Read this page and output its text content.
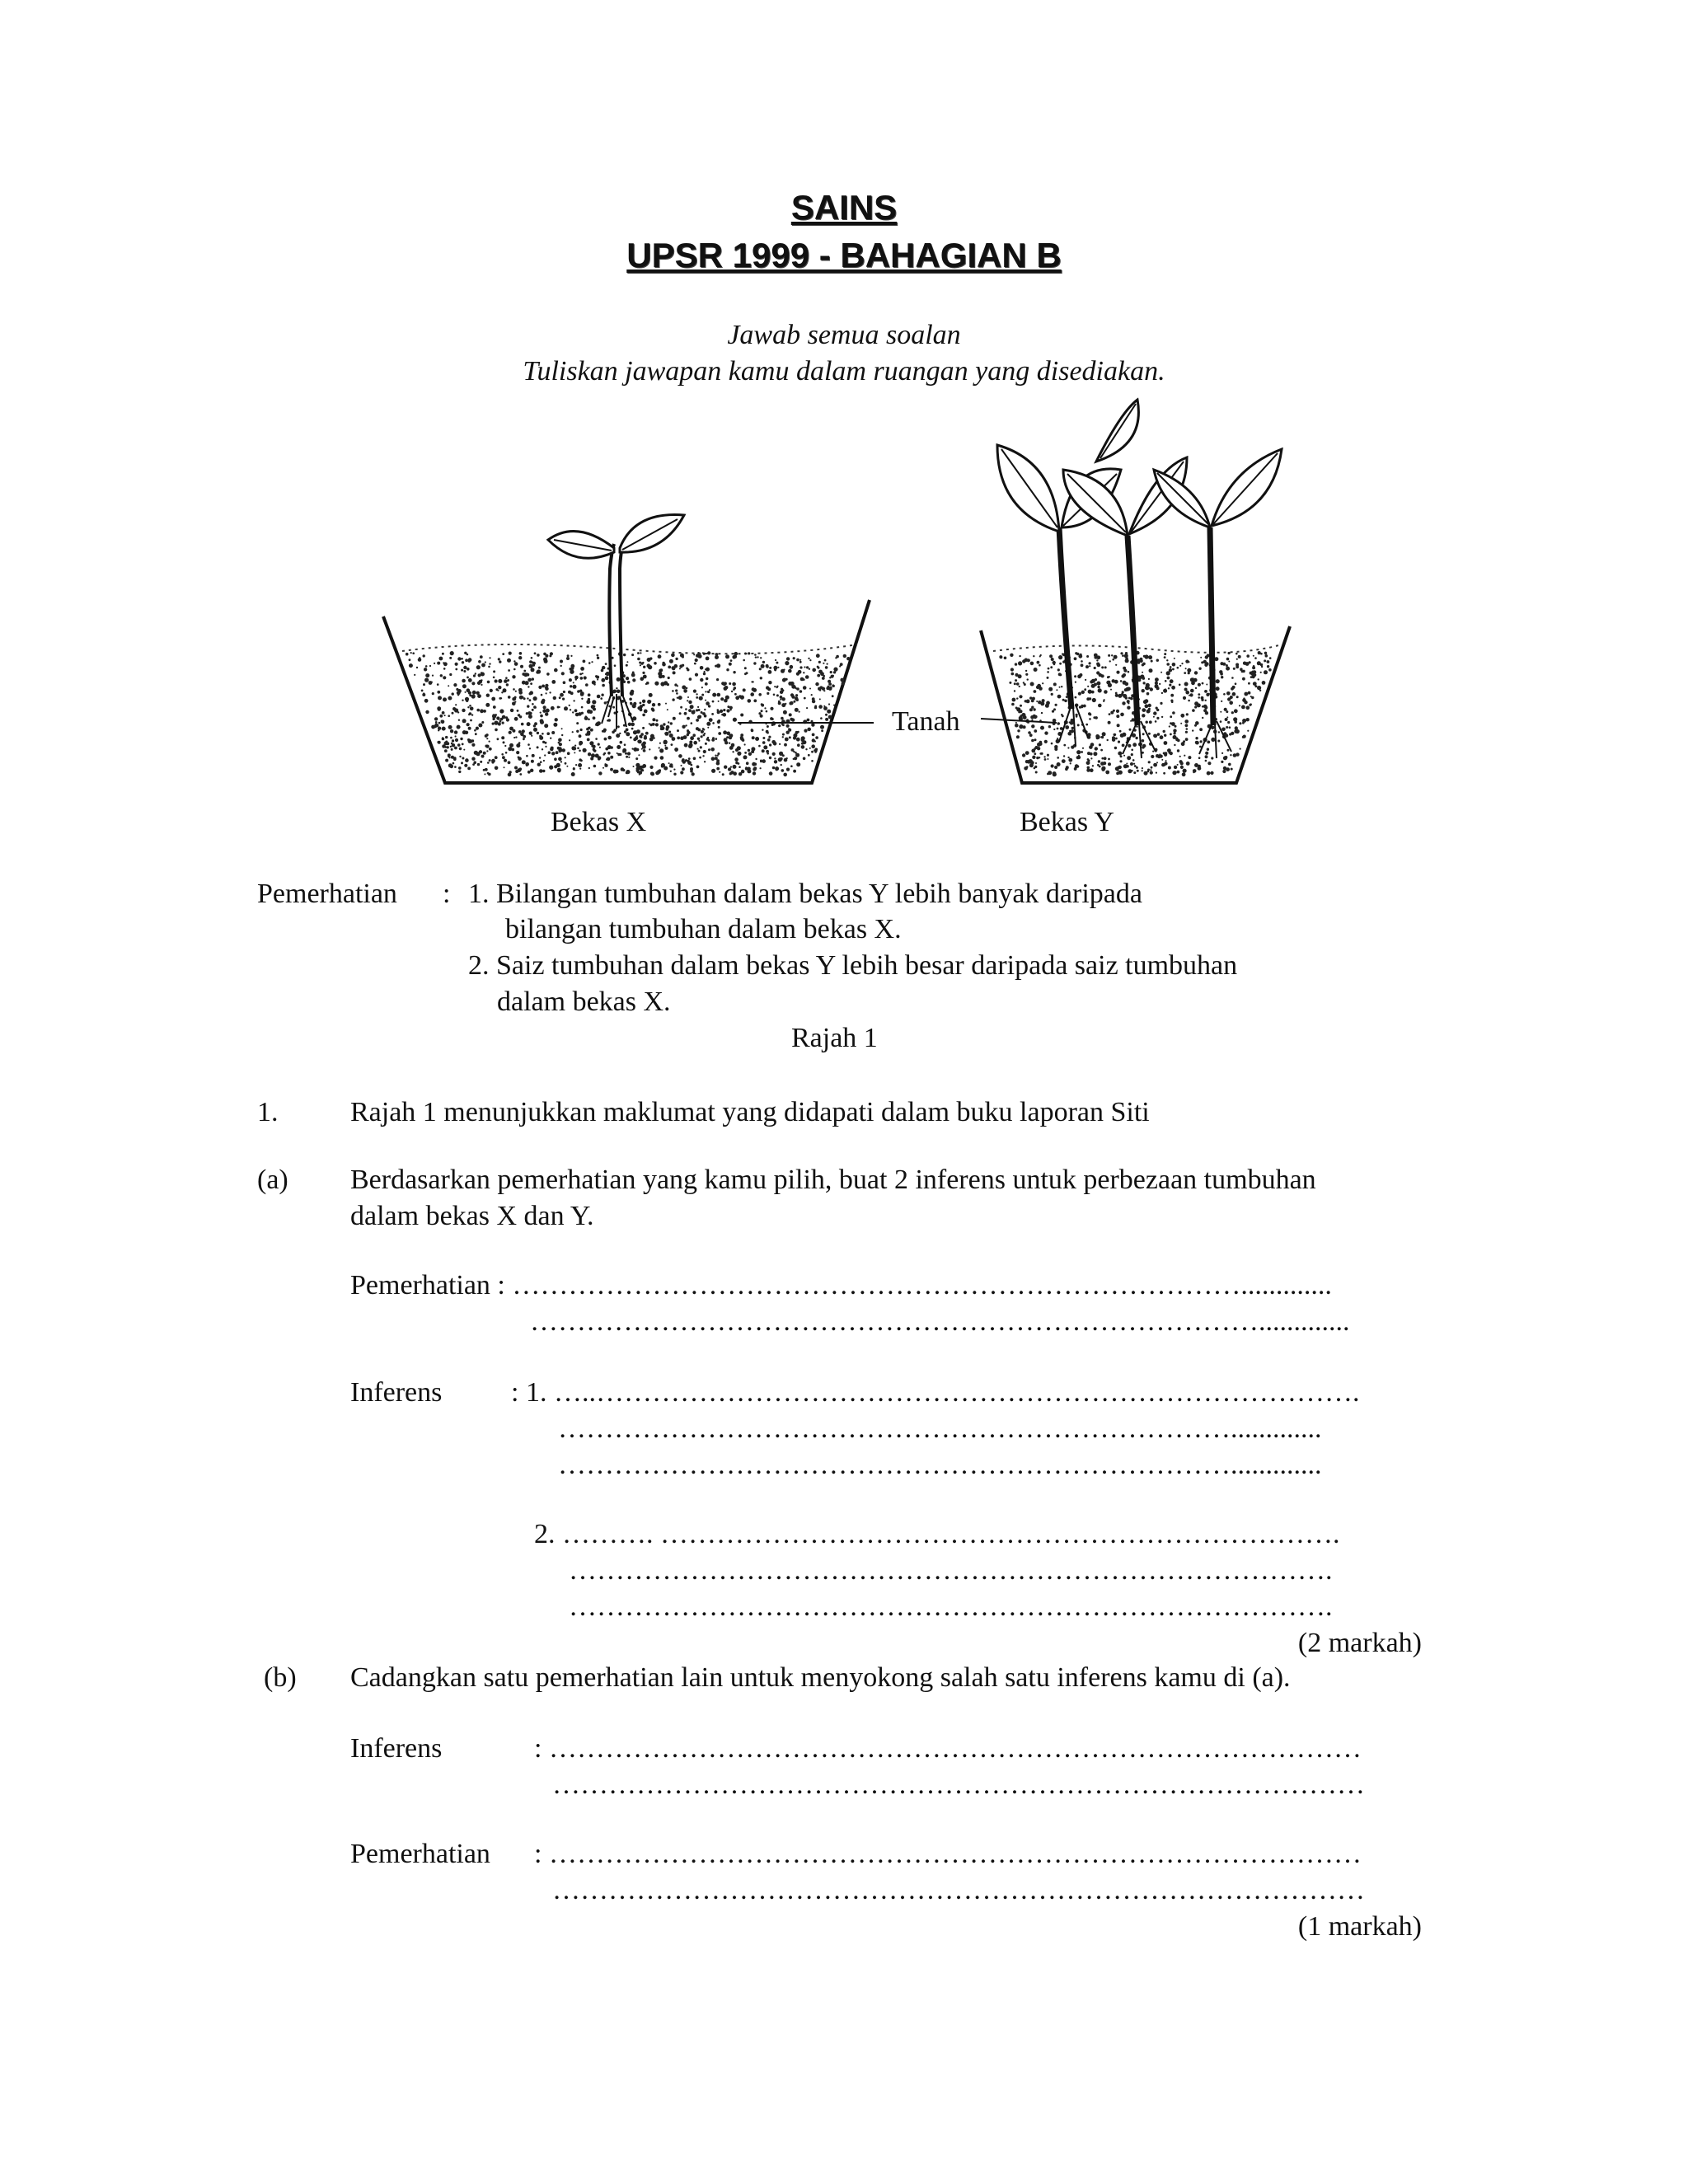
SAINS
UPSR 1999 - BAHAGIAN B
Jawab semua soalan
Tuliskan jawapan kamu dalam ruangan yang disediakan.
Tanah
Bekas X	Bekas Y
Pemerhatian : 1. Bilangan tumbuhan dalam bekas Y lebih banyak daripada
bilangan tumbuhan dalam bekas X.
2. Saiz tumbuhan dalam bekas Y lebih besar daripada saiz tumbuhan
dalam bekas X.
Rajah 1
1.	Rajah 1 menunjukkan maklumat yang didapati dalam buku laporan Siti
(a) Berdasarkan pemerhatian yang kamu pilih, buat 2 inferens untuk perbezaan tumbuhan
dalam bekas X dan Y.
Pemerhatian : …………………………………………………………………….............
…………………………………………………………………….............
Inferens : 1. …..……………………………………………………………………….
……………………………………………………………….............
……………………………………………………………….............
2. ………. ……………………………………………………………….
……………………………………………………………………….
……………………………………………………………………….
(2 markah)
(b) Cadangkan satu pemerhatian lain untuk menyokong salah satu inferens kamu di (a).
Inferens	: ……………………………………………………………………………
……………………………………………………………………………
Pemerhatian : ……………………………………………………………………………
……………………………………………………………………………
(1 markah)
